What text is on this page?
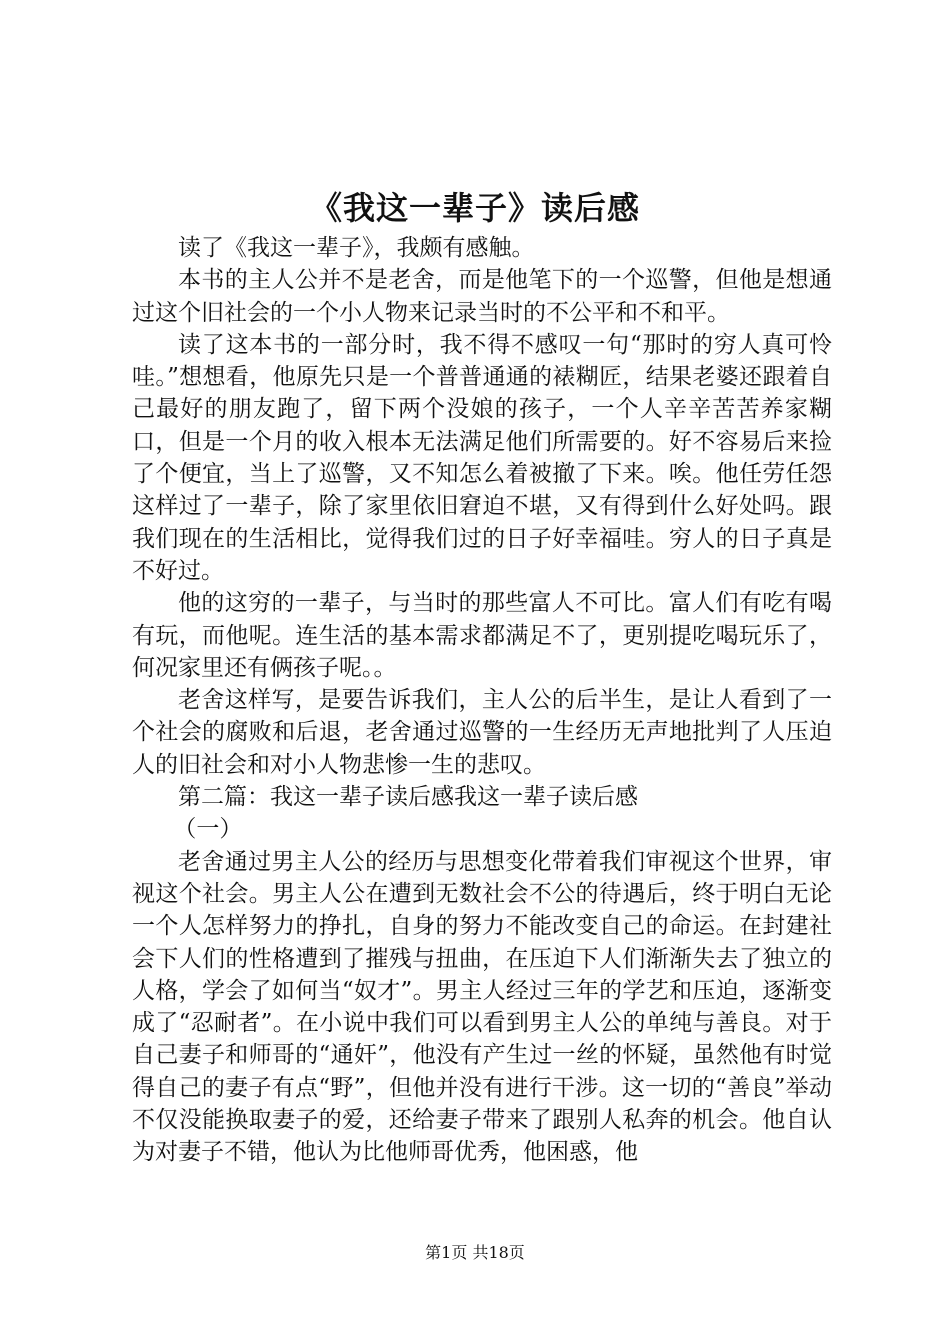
《我这一辈子》读后感

读了《我这一辈子》，我颇有感触。

本书的主人公并不是老舍，而是他笔下的一个巡警，但他是想通过这个旧社会的一个小人物来记录当时的不公平和不和平。

读了这本书的一部分时，我不得不感叹一句“那时的穷人真可怜哇。”想想看，他原先只是一个普普通通的裱糊匠，结果老婆还跟着自己最好的朋友跑了，留下两个没娘的孩子，一个人辛辛苦苦养家糊口，但是一个月的收入根本无法满足他们所需要的。好不容易后来捡了个便宜，当上了巡警，又不知怎么着被撤了下来。唉。他任劳任怨这样过了一辈子，除了家里依旧窘迫不堪，又有得到什么好处吗。跟我们现在的生活相比，觉得我们过的日子好幸福哇。穷人的日子真是不好过。

他的这穷的一辈子，与当时的那些富人不可比。富人们有吃有喝有玩，而他呢。连生活的基本需求都满足不了，更别提吃喝玩乐了，何况家里还有俩孩子呢。。

老舍这样写，是要告诉我们，主人公的后半生，是让人看到了一个社会的腐败和后退，老舍通过巡警的一生经历无声地批判了人压迫人的旧社会和对小人物悲惨一生的悲叹。

第二篇：我这一辈子读后感我这一辈子读后感

（一）

老舍通过男主人公的经历与思想变化带着我们审视这个世界，审视这个社会。男主人公在遭到无数社会不公的待遇后，终于明白无论一个人怎样努力的挣扎，自身的努力不能改变自己的命运。在封建社会下人们的性格遭到了摧残与扭曲，在压迫下人们渐渐失去了独立的人格，学会了如何当“奴才”。男主人经过三年的学艺和压迫，逐渐变成了“忍耐者”。在小说中我们可以看到男主人公的单纯与善良。对于自己妻子和师哥的“通奸”，他没有产生过一丝的怀疑，虽然他有时觉得自己的妻子有点“野”，但他并没有进行干涉。这一切的“善良”举动不仅没能换取妻子的爱，还给妻子带来了跟别人私奔的机会。他自认为对妻子不错，他认为比他师哥优秀，他困惑，他

第1页 共18页
